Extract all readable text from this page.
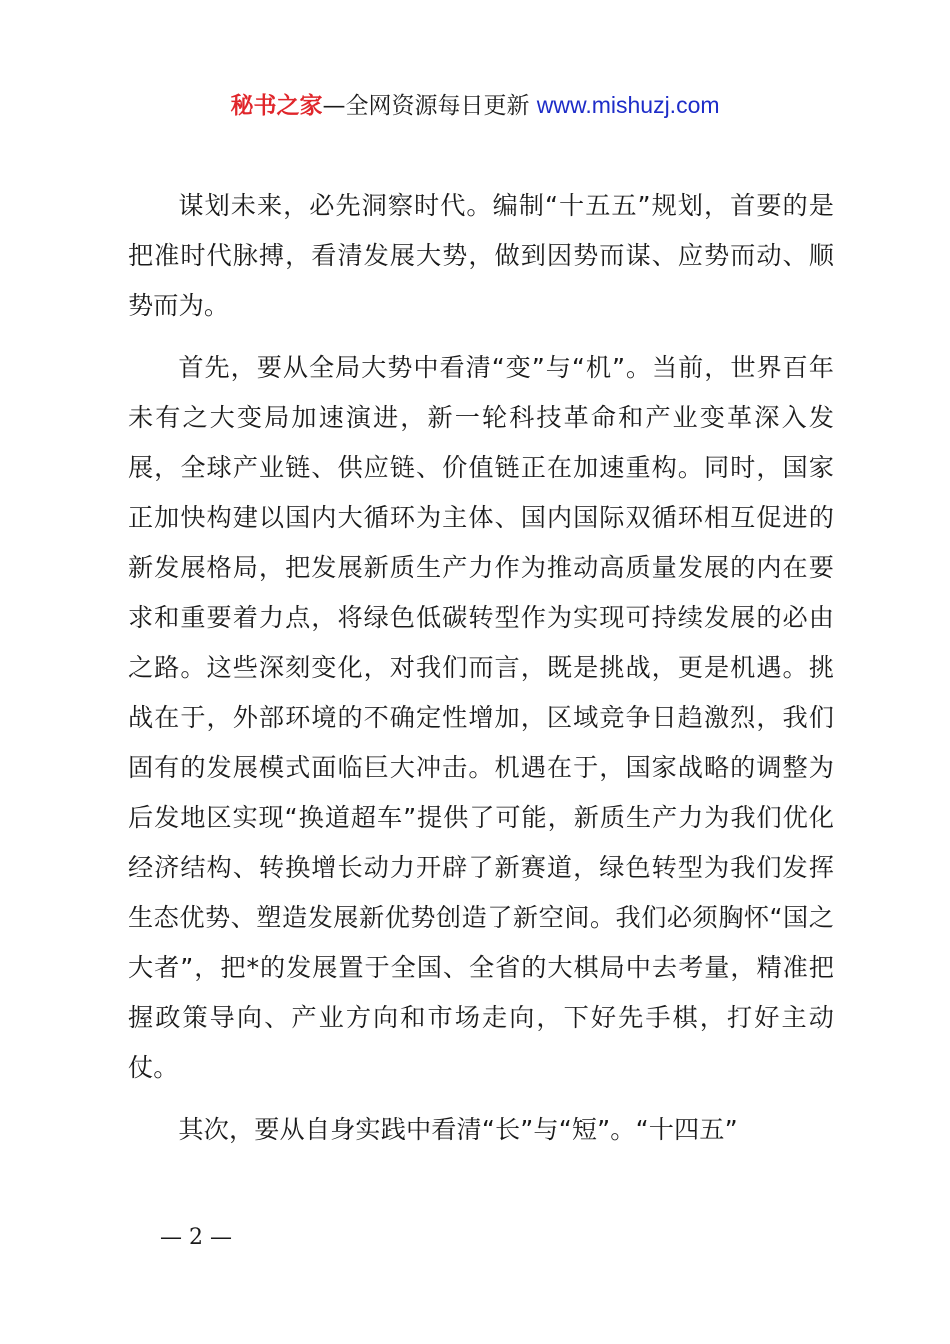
秘书之家—全网资源每日更新 www.mishuzj.com

谋划未来，必先洞察时代。编制“十五五”规划，首要的是把准时代脉搏，看清发展大势，做到因势而谋、应势而动、顺势而为。

首先，要从全局大势中看清“变”与“机”。当前，世界百年未有之大变局加速演进，新一轮科技革命和产业变革深入发展，全球产业链、供应链、价值链正在加速重构。同时，国家正加快构建以国内大循环为主体、国内国际双循环相互促进的新发展格局，把发展新质生产力作为推动高质量发展的内在要求和重要着力点，将绿色低碳转型作为实现可持续发展的必由之路。这些深刻变化，对我们而言，既是挑战，更是机遇。挑战在于，外部环境的不确定性增加，区域竞争日趋激烈，我们固有的发展模式面临巨大冲击。机遇在于，国家战略的调整为后发地区实现“换道超车”提供了可能，新质生产力为我们优化经济结构、转换增长动力开辟了新赛道，绿色转型为我们发挥生态优势、塑造发展新优势创造了新空间。我们必须胸怀“国之大者”，把*的发展置于全国、全省的大棋局中去考量，精准把握政策导向、产业方向和市场走向，下好先手棋，打好主动仗。

其次，要从自身实践中看清“长”与“短”。“十四五”

— 2 —
